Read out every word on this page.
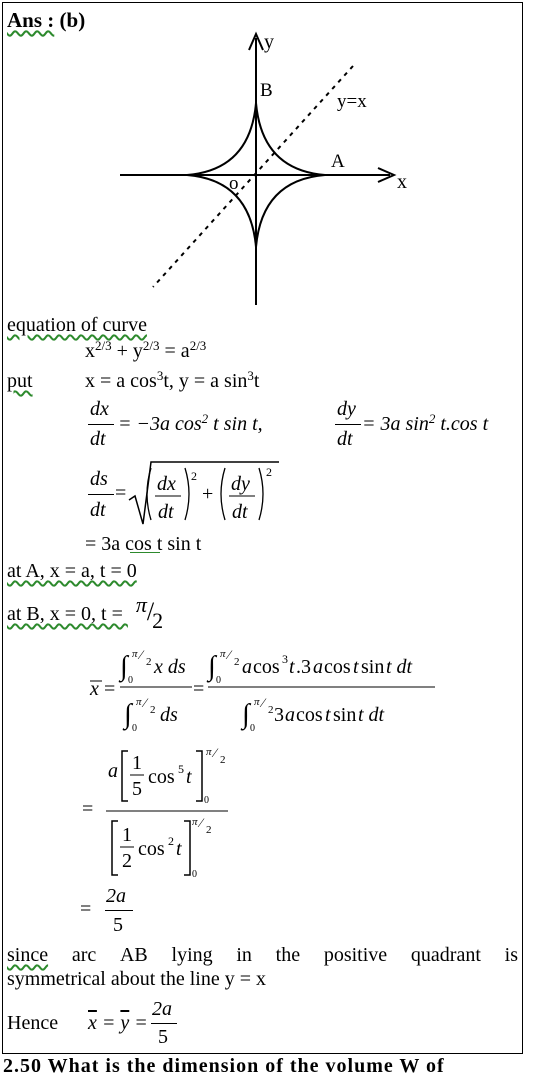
Ans : (b)
y
x
B
A
o
y=x
equation of curve
$x^{2/3} + y^{2/3} = a^{2/3}$
put	x = a $\cos^3t$, y = a $\sin^3t$
dx
dt
= −3a $\cos^2 t$ sin t,
dy
dt
= 3a $\sin^2 t.\cos$ t
ds
dt
= dx
dt
2
+ dy
dt
2
= 3a cos t sin t
at A, x = a, t = 0
at B, x = 0, t = π/2
x =
∫ π ⁄ 2
0
x ds
∫ π ⁄ 2
0
ds
=
∫ π ⁄ 2
0
a cos 3 t .3 a cos t sin t dt
∫ π ⁄ 2
0
3 a cos t sin t dt
=
a 1
5
cos 5 t
0
π ⁄ 2
1
2
cos 2 t
0
π ⁄ 2
=
2a
5
since arc AB lying in the positive quadrant is
symmetrical about the line y = x
Hence $\overline{x} = \overline{y}$ =
2a
5
2.50 What is the dimension of the volume W of
